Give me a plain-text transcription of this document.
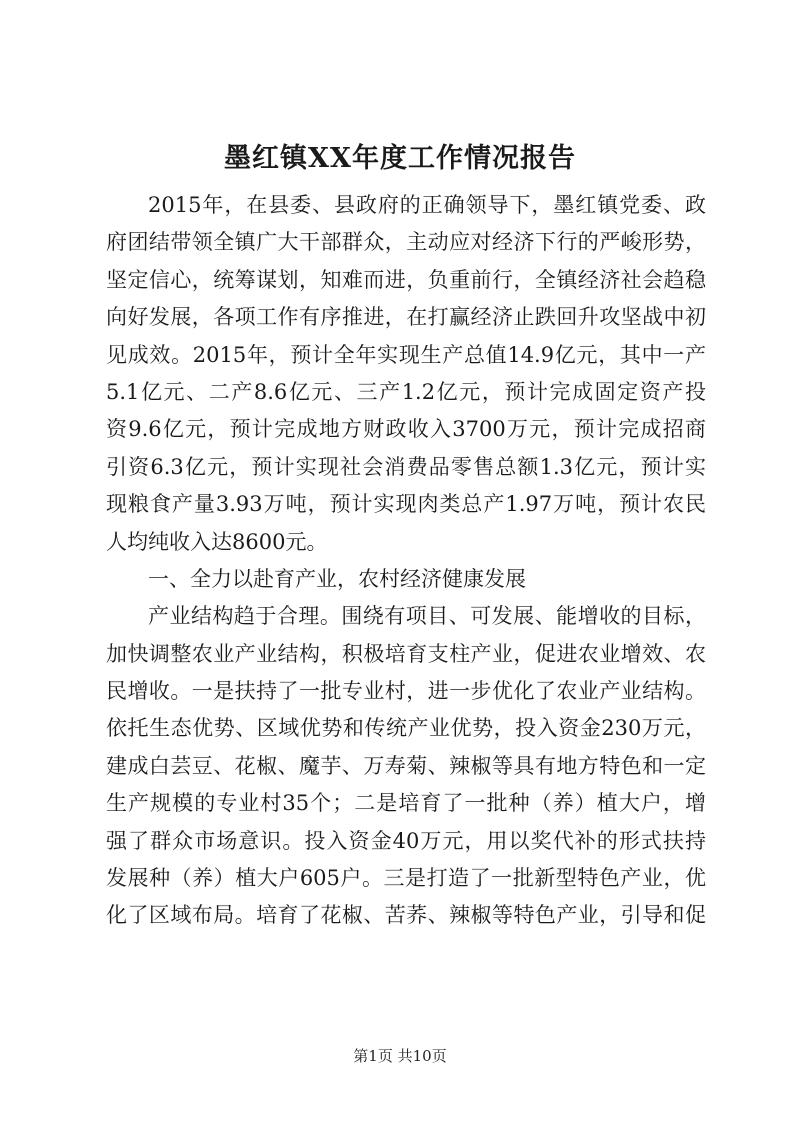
墨红镇XX年度工作情况报告
2015年，在县委、县政府的正确领导下，墨红镇党委、政
府团结带领全镇广大干部群众，主动应对经济下行的严峻形势，
坚定信心，统筹谋划，知难而进，负重前行，全镇经济社会趋稳
向好发展，各项工作有序推进，在打赢经济止跌回升攻坚战中初
见成效。2015年，预计全年实现生产总值14.9亿元，其中一产
5.1亿元、二产8.6亿元、三产1.2亿元，预计完成固定资产投
资9.6亿元，预计完成地方财政收入3700万元，预计完成招商
引资6.3亿元，预计实现社会消费品零售总额1.3亿元，预计实
现粮食产量3.93万吨，预计实现肉类总产1.97万吨，预计农民
人均纯收入达8600元。
一、全力以赴育产业，农村经济健康发展
产业结构趋于合理。围绕有项目、可发展、能增收的目标，
加快调整农业产业结构，积极培育支柱产业，促进农业增效、农
民增收。一是扶持了一批专业村，进一步优化了农业产业结构。
依托生态优势、区域优势和传统产业优势，投入资金230万元，
建成白芸豆、花椒、魔芋、万寿菊、辣椒等具有地方特色和一定
生产规模的专业村35个；二是培育了一批种（养）植大户，增
强了群众市场意识。投入资金40万元，用以奖代补的形式扶持
发展种（养）植大户605户。三是打造了一批新型特色产业，优
化了区域布局。培育了花椒、苦荞、辣椒等特色产业，引导和促
第1页 共10页
